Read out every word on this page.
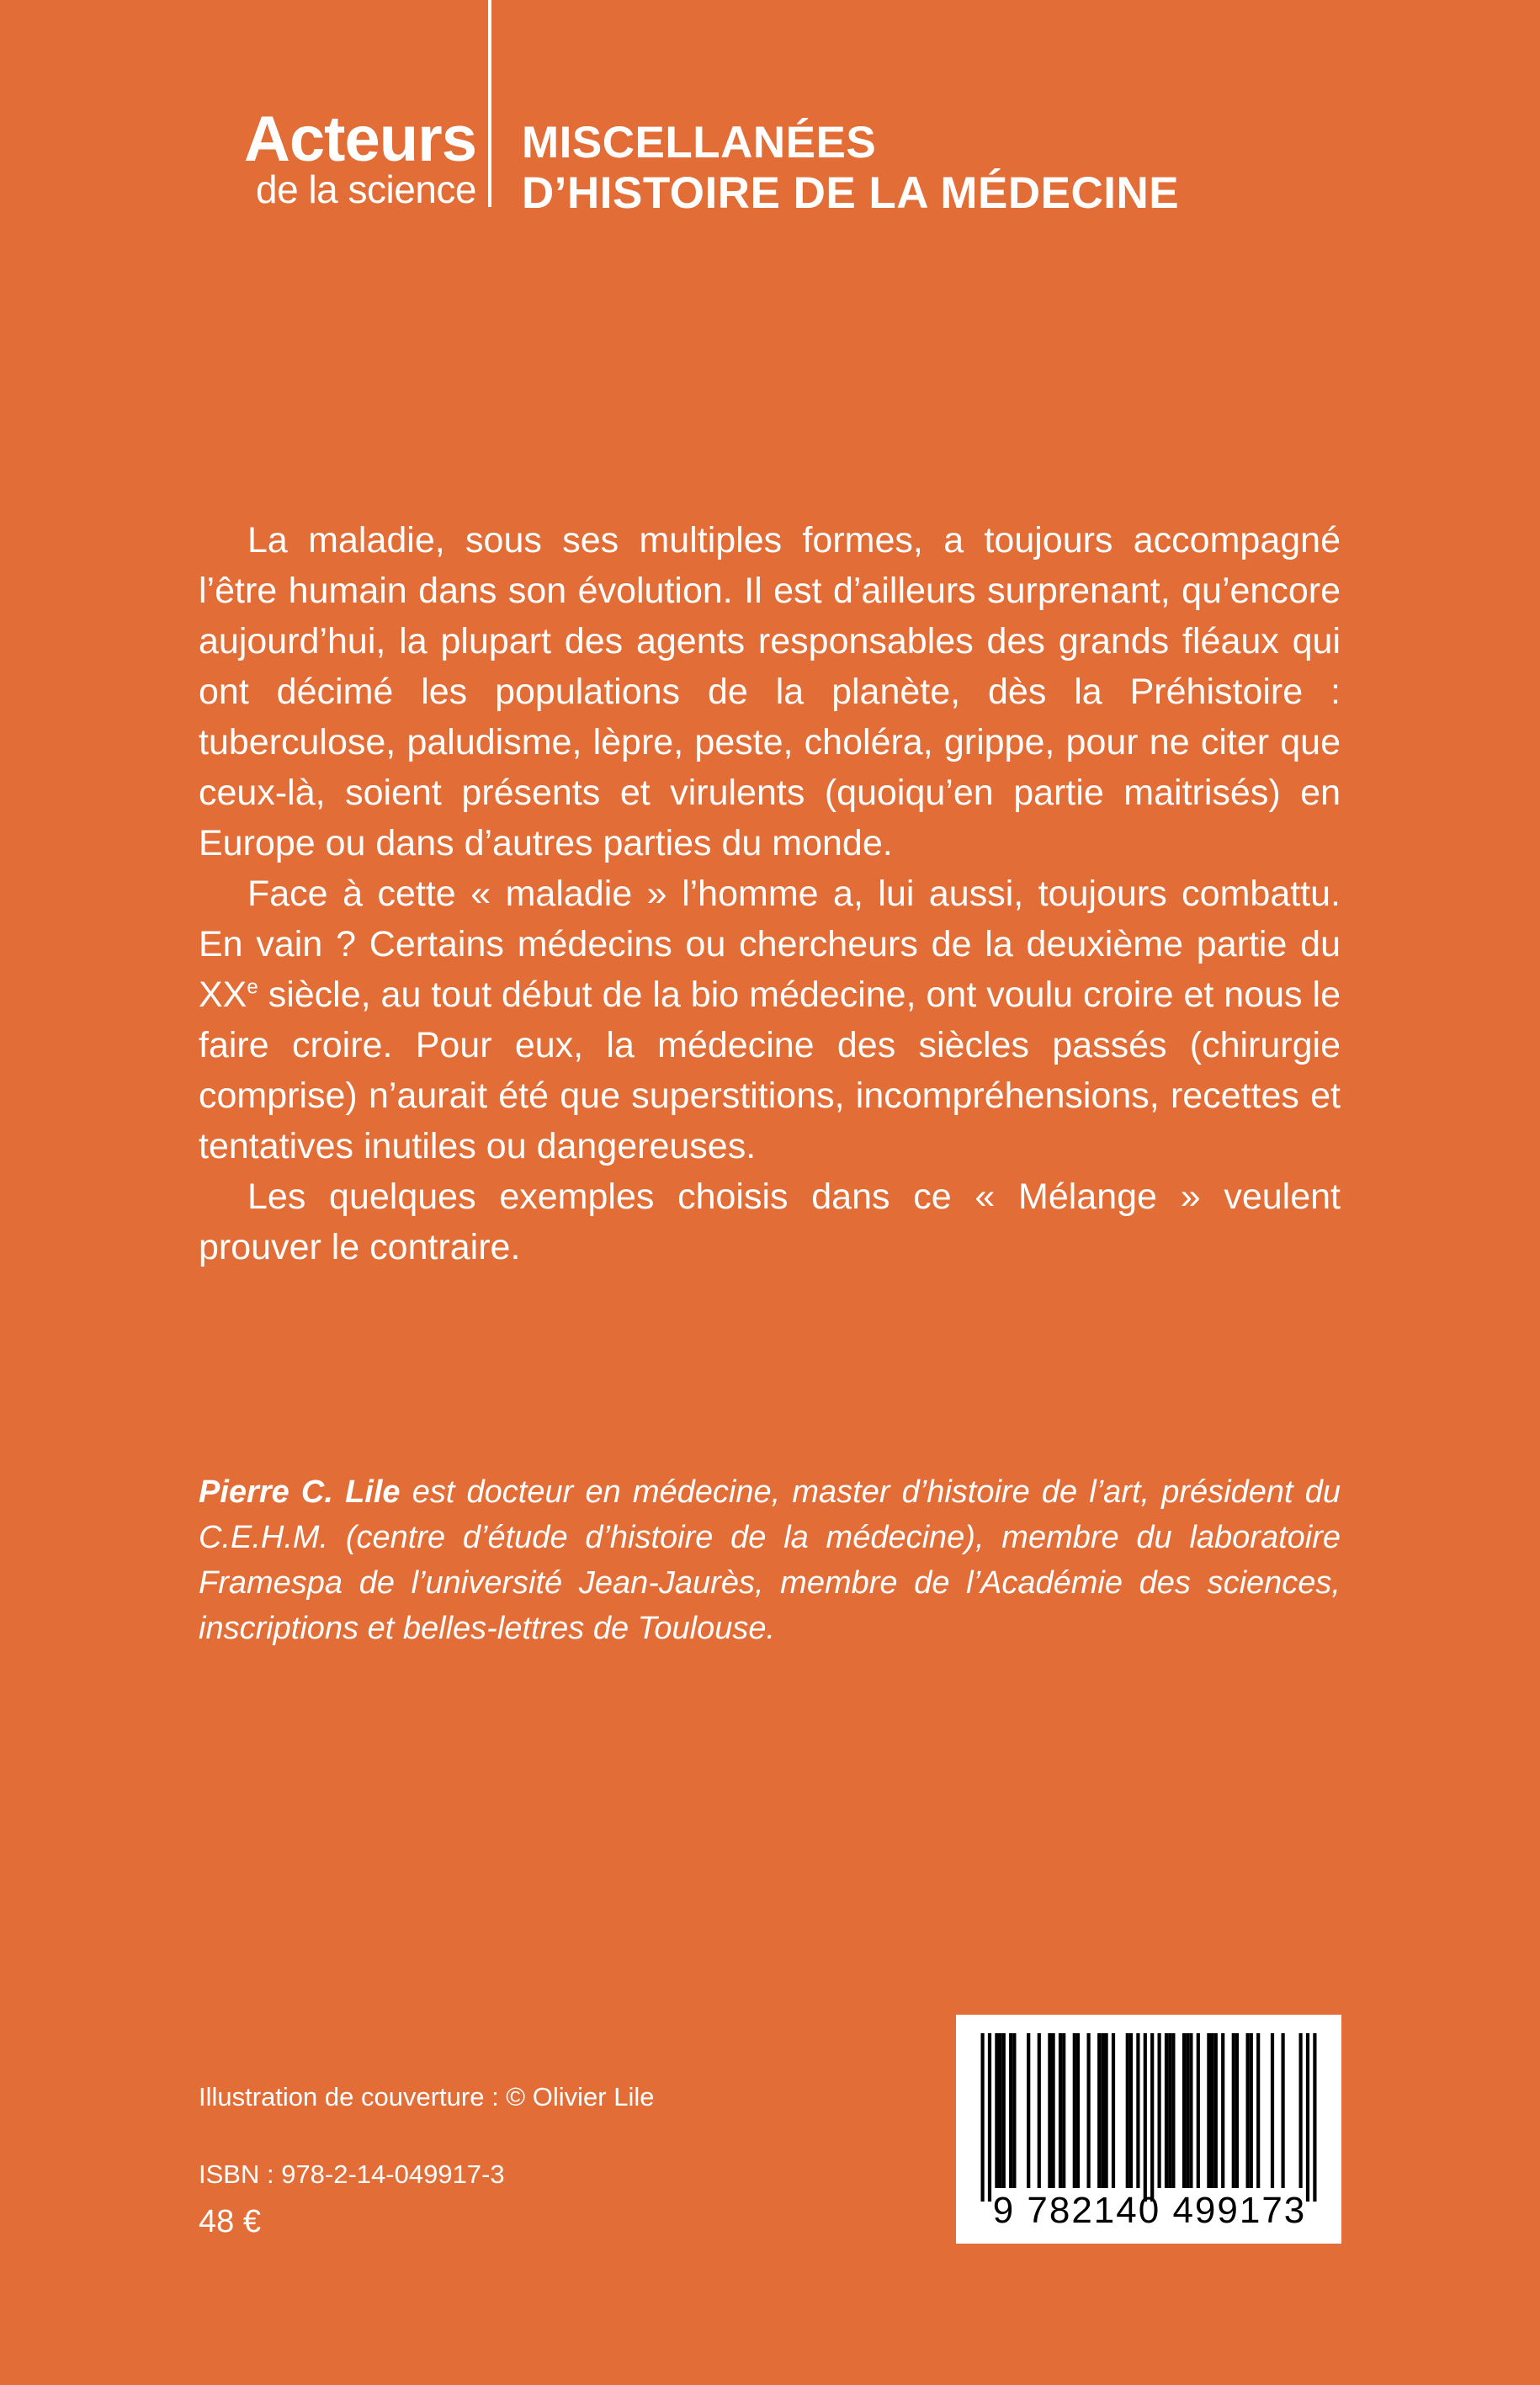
Acteurs
de la science
MISCELLANÉES
D’HISTOIRE DE LA MÉDECINE

La maladie, sous ses multiples formes, a toujours accompagné l’être humain dans son évolution. Il est d’ailleurs surprenant, qu’encore aujourd’hui, la plupart des agents responsables des grands fléaux qui ont décimé les populations de la planète, dès la Préhistoire : tuberculose, paludisme, lèpre, peste, choléra, grippe, pour ne citer que ceux-là, soient présents et virulents (quoiqu’en partie maitrisés) en Europe ou dans d’autres parties du monde.

Face à cette « maladie » l’homme a, lui aussi, toujours combattu. En vain ? Certains médecins ou chercheurs de la deuxième partie du XXe siècle, au tout début de la bio médecine, ont voulu croire et nous le faire croire. Pour eux, la médecine des siècles passés (chirurgie comprise) n’aurait été que superstitions, incompréhensions, recettes et tentatives inutiles ou dangereuses.

Les quelques exemples choisis dans ce « Mélange » veulent prouver le contraire.

Pierre C. Lile est docteur en médecine, master d’histoire de l’art, président du C.E.H.M. (centre d’étude d’histoire de la médecine), membre du laboratoire Framespa de l’université Jean-Jaurès, membre de l’Académie des sciences, inscriptions et belles-lettres de Toulouse.
Illustration de couverture : © Olivier Lile
ISBN : 978-2-14-049917-3
48 €	9 782140 499173
